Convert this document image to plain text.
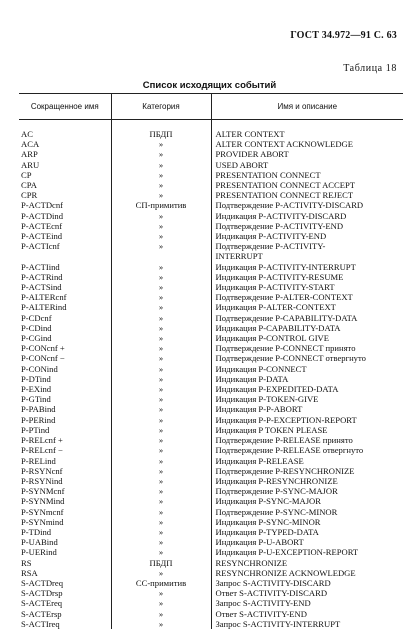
ГОСТ 34.972—91 С. 63
Таблица 18
Список исходящих событий
Сокращенное имя	Категория	Имя и описание
AC	ПБДП	ALTER CONTEXT
ACA	»	ALTER CONTEXT ACKNOWLEDGE
ARP	»	PROVIDER ABORT
ARU	»	USED ABORT
CP	»	PRESENTATION CONNECT
CPA	»	PRESENTATION CONNECT ACCEPT
CPR	»	PRESENTATION CONNECT REJECT
P-ACTDcnf	СП-примитив	Подтверждение P-ACTIVITY-DISCARD
P-ACTDind	»	Индикация P-ACTIVITY-DISCARD
P-ACTEcnf	»	Подтверждение P-ACTIVITY-END
P-ACTEind	»	Индикация P-ACTIVITY-END
P-ACTIcnf	»	Подтверждение P-ACTIVITY-
		INTERRUPT
P-ACTIind	»	Индикация P-ACTIVITY-INTERRUPT
P-ACTRind	»	Индикация P-ACTIVITY-RESUME
P-ACTSind	»	Индикация P-ACTIVITY-START
P-ALTERcnf	»	Подтверждение P-ALTER-CONTEXT
P-ALTERind	»	Индикация P-ALTER-CONTEXT
P-CDcnf	»	Подтверждение P-CAPABILITY-DATA
P-CDind	»	Индикация P-CAPABILITY-DATA
P-CGind	»	Индикация P-CONTROL GIVE
P-CONcnf +	»	Подтверждение P-CONNECT принято
P-CONcnf −	»	Подтверждение P-CONNECT отвергнуто
P-CONind	»	Индикация P-CONNECT
P-DTind	»	Индикация P-DATA
P-EXind	»	Индикация P-EXPEDITED-DATA
P-GTind	»	Индикация P-TOKEN-GIVE
P-PABind	»	Индикация P-P-ABORT
P-PERind	»	Индикация P-P-EXCEPTION-REPORT
P-PTind	»	Индикация P TOKEN PLEASE
P-RELcnf +	»	Подтверждение P-RELEASE принято
P-RELcnf −	»	Подтверждение P-RELEASE отвергнуто
P-RELind	»	Индикация P-RELEASE
P-RSYNcnf	»	Подтверждение P-RESYNCHRONIZE
P-RSYNind	»	Индикация P-RESYNCHRONIZE
P-SYNMcnf	»	Подтверждение P-SYNC-MAJOR
P-SYNMind	»	Индикация P-SYNC-MAJOR
P-SYNmcnf	»	Подтверждение P-SYNC-MINOR
P-SYNmind	»	Индикация P-SYNC-MINOR
P-TDind	»	Индикация P-TYPED-DATA
P-UABind	»	Индикация P-U-ABORT
P-UERind	»	Индикация P-U-EXCEPTION-REPORT
RS	ПБДП	RESYNCHRONIZE
RSA	»	RESYNCHRONIZE ACKNOWLEDGE
S-ACTDreq	СС-примитив	Запрос S-ACTIVITY-DISCARD
S-ACTDrsp	»	Ответ S-ACTIVITY-DISCARD
S-ACTEreq	»	Запрос S-ACTIVITY-END
S-ACTErsp	»	Ответ S-ACTIVITY-END
S-ACTIreq	»	Запрос S-ACTIVITY-INTERRUPT
